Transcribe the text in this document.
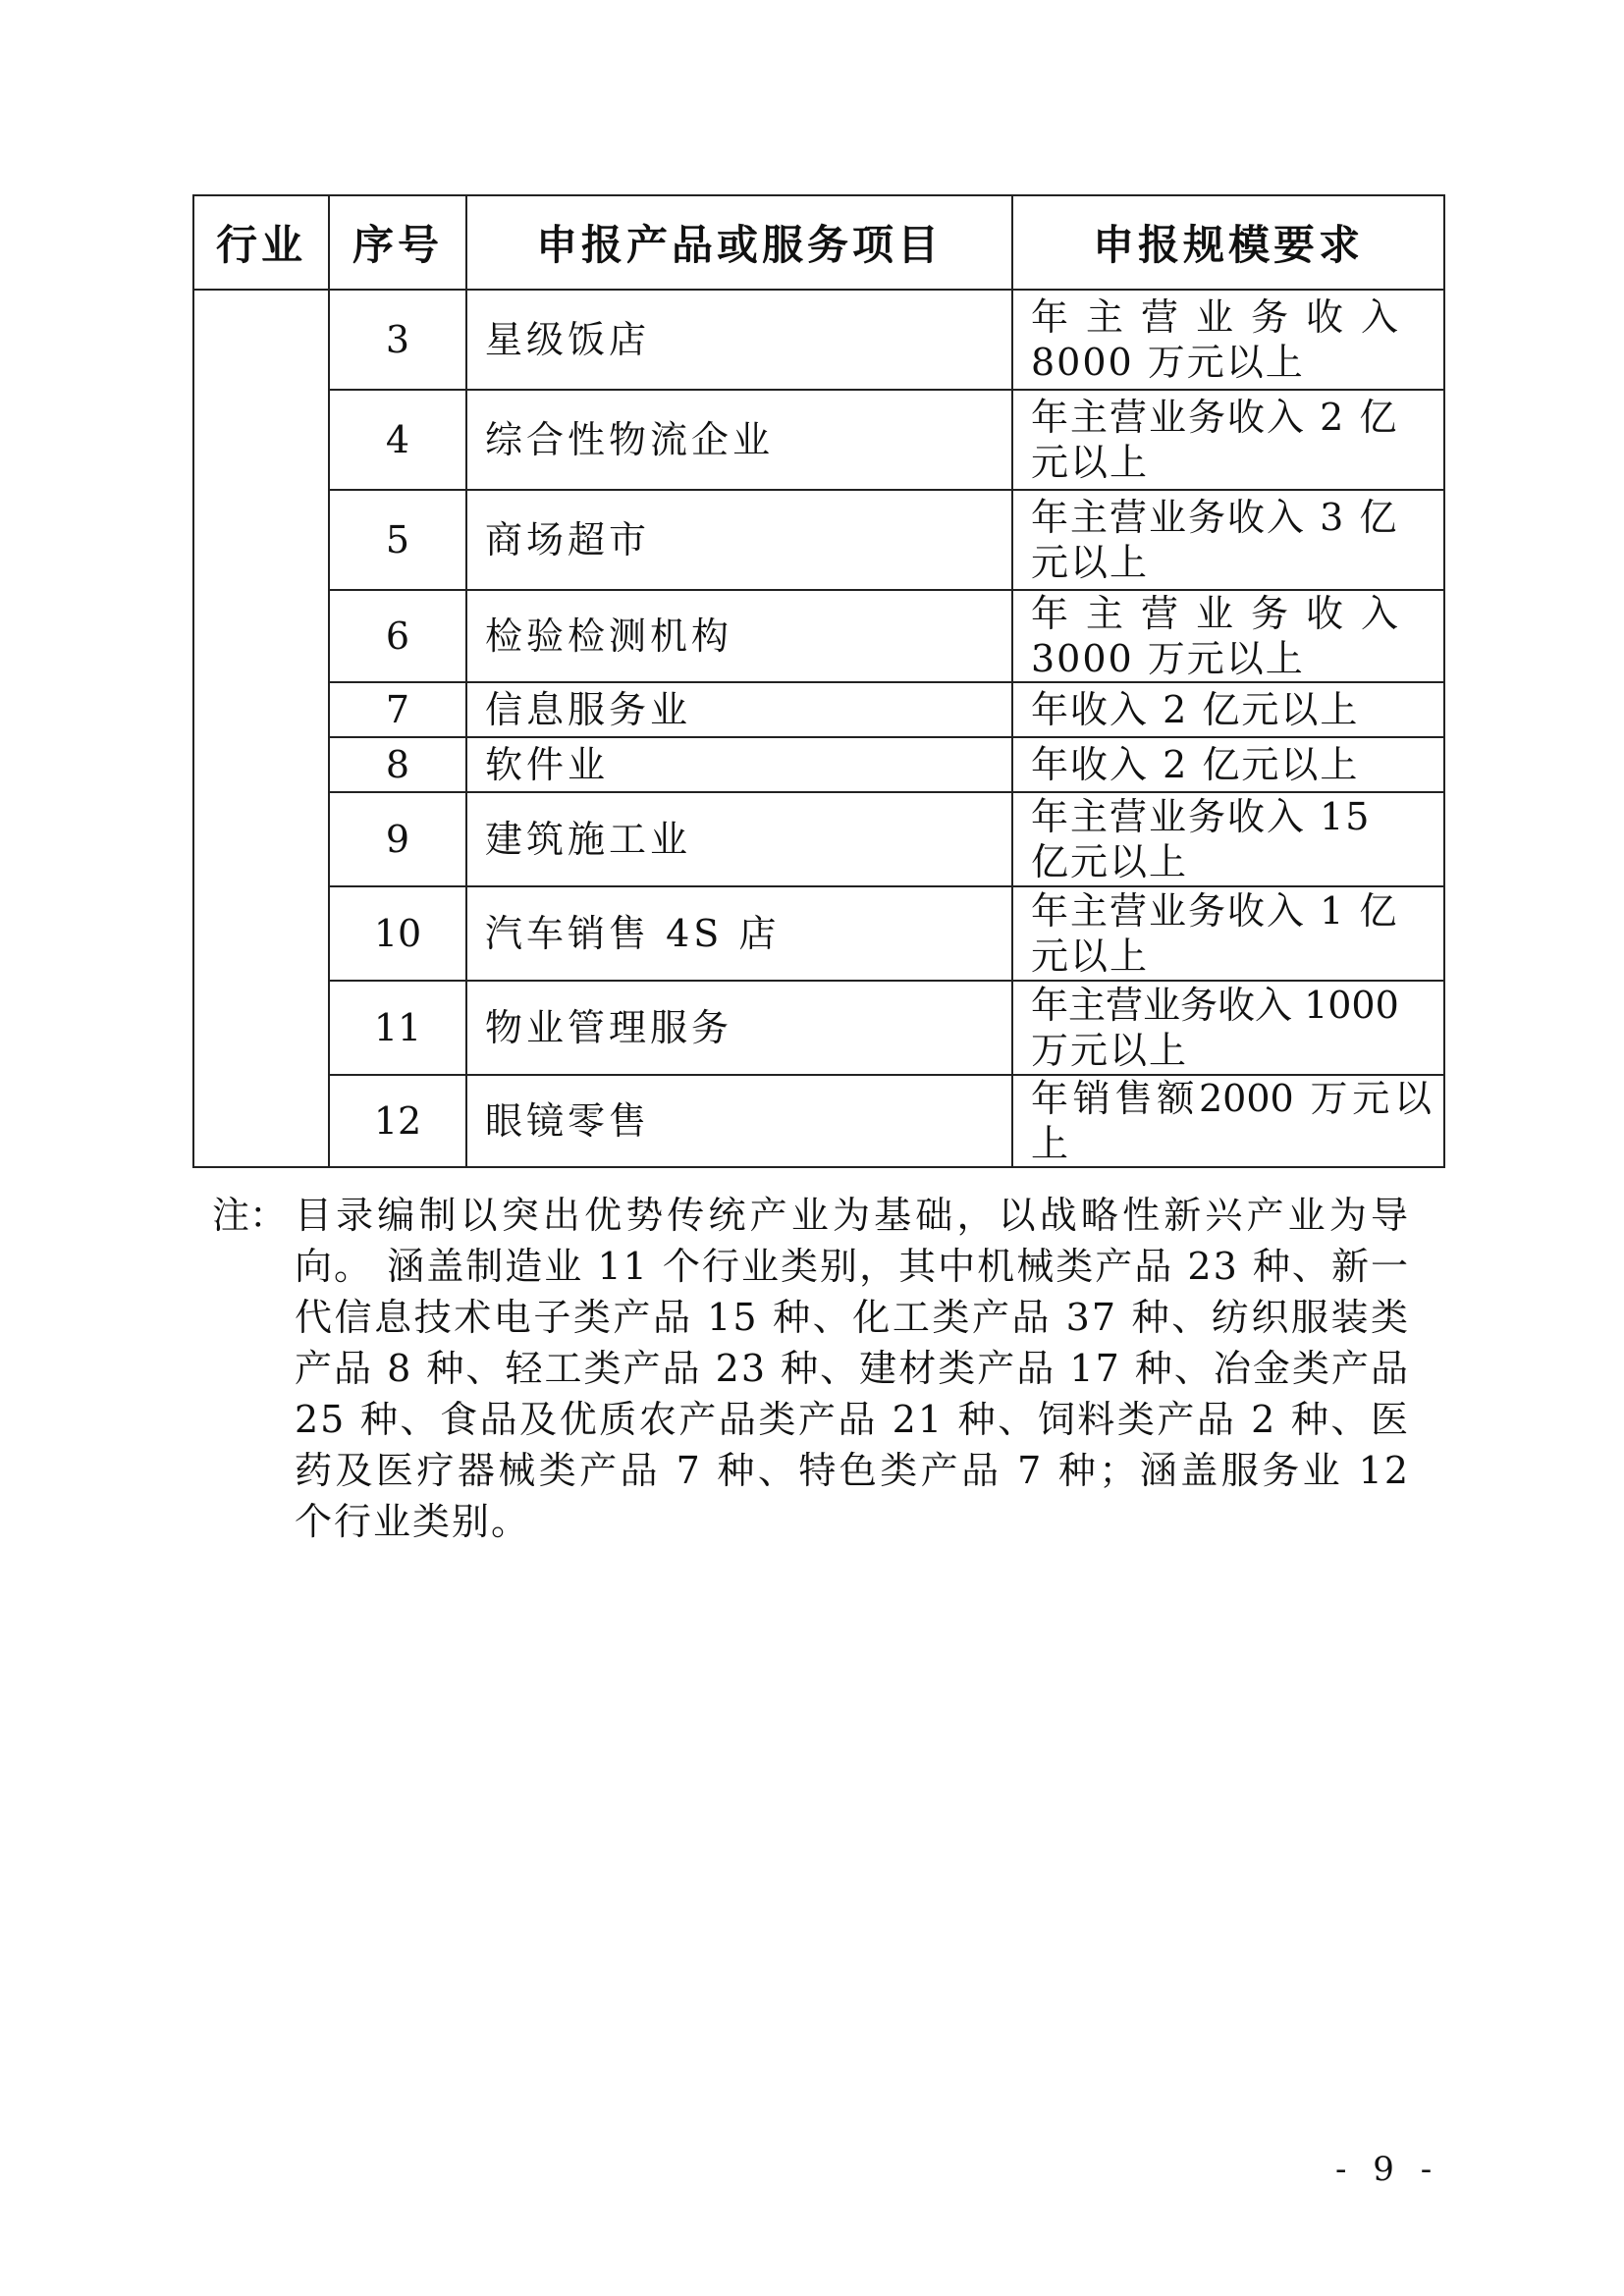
行业	序号	申报产品或服务项目	申报规模要求
	3	星级饭店	年主营业务收入
8000 万元以上

	4	综合性物流企业	年主营业务收入 2 亿
元以上

	5	商场超市	年主营业务收入 3 亿
元以上

	6	检验检测机构	年主营业务收入
3000 万元以上

	7	信息服务业	年收入 2 亿元以上
	8	软件业	年收入 2 亿元以上
	9	建筑施工业	年主营业务收入 15
亿元以上

	10	汽车销售 4S 店	年主营业务收入 1 亿
元以上

	11	物业管理服务	年主营业务收入 1000
万元以上

	12	眼镜零售	年销售额2000 万元以上
注： 目录编制以突出优势传统产业为基础，以战略性新兴产业为导向。 涵盖制造业 11 个行业类别，其中机械类产品 23 种、新一代信息技术电子类产品 15 种、化工类产品 37 种、纺织服装类产品 8 种、轻工类产品 23 种、建材类产品 17 种、冶金类产品 25 种、食品及优质农产品类产品 21 种、饲料类产品 2 种、医药及医疗器械类产品 7 种、特色类产品 7 种；涵盖服务业 12 个行业类别。
- 9 -
